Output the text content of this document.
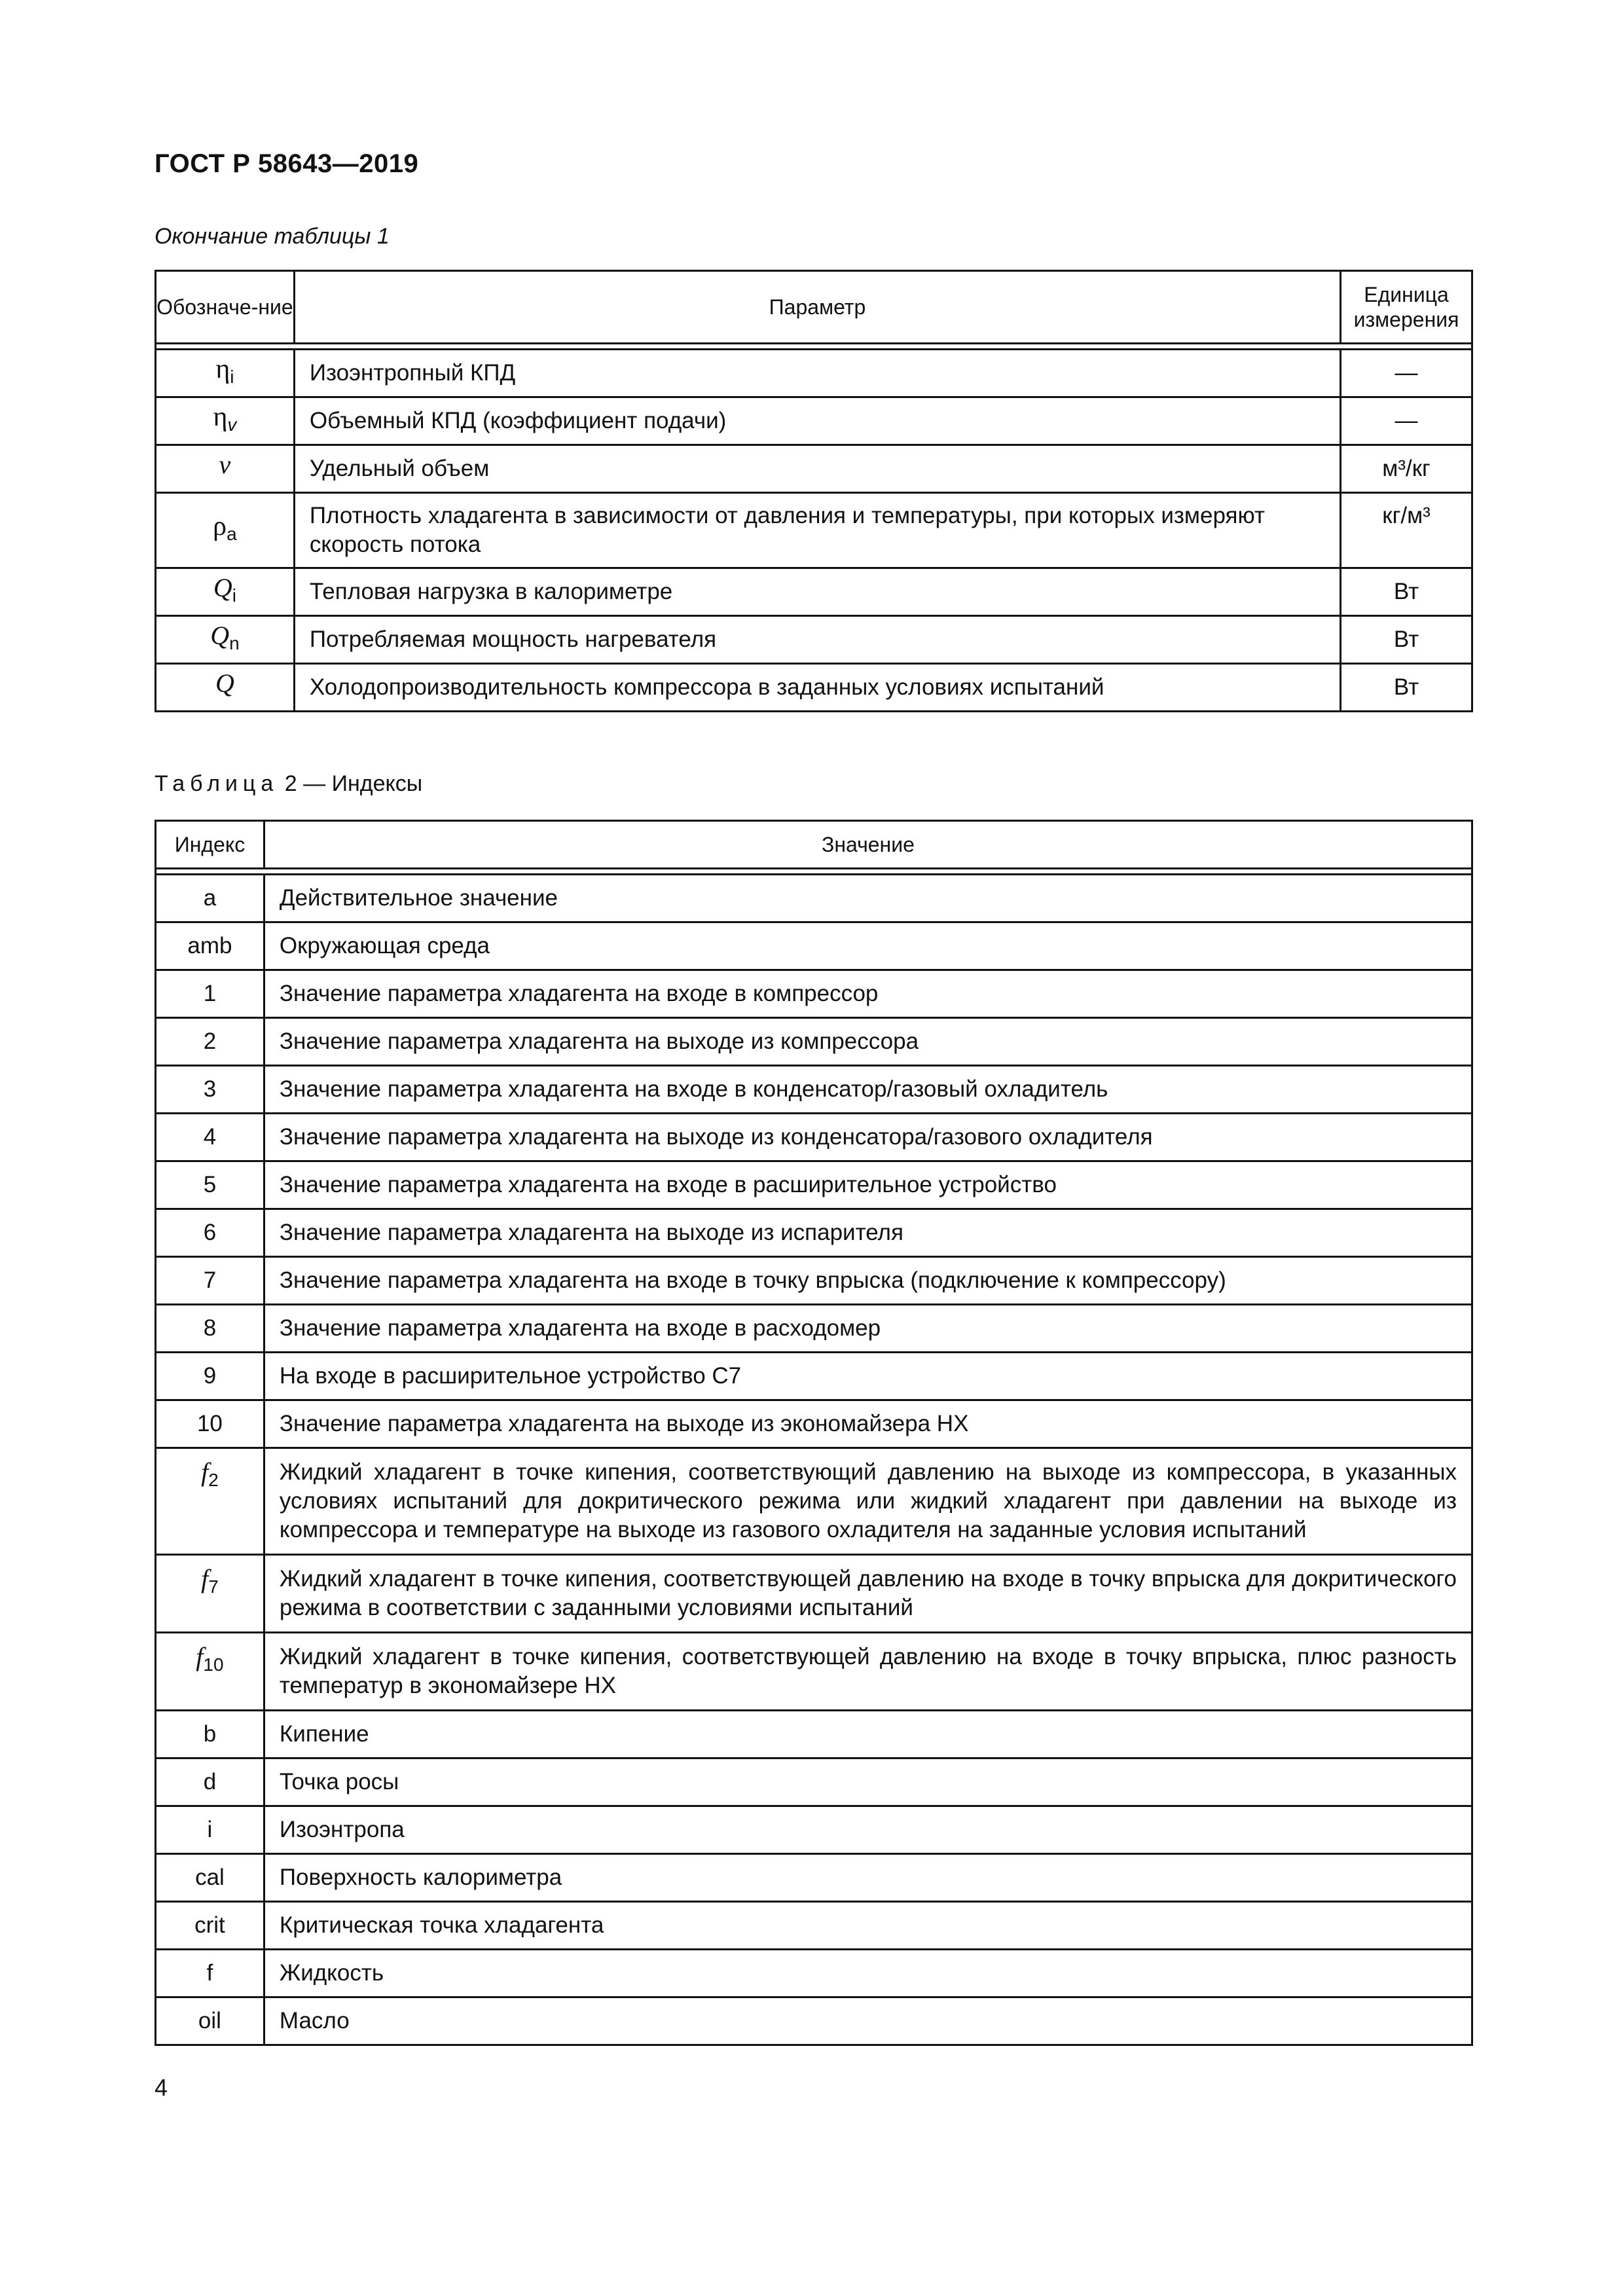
ГОСТ Р 58643—2019
Окончание таблицы 1
Обозначе-ние	Параметр	Единица измерения

$\eta_i$	Изоэнтропный КПД	—
$\eta_v$	Объемный КПД (коэффициент подачи)	—
v	Удельный объем	м³/кг
$\rho_a$	Плотность хладагента в зависимости от давления и температуры, при которых измеряют скорость потока	кг/м³
$Q_i$	Тепловая нагрузка в калориметре	Вт
$Q_n$	Потребляемая мощность нагревателя	Вт
Q	Холодопроизводительность компрессора в заданных условиях испытаний	Вт
Таблица 2 — Индексы
Индекс	Значение

a	Действительное значение
amb	Окружающая среда
1	Значение параметра хладагента на входе в компрессор
2	Значение параметра хладагента на выходе из компрессора
3	Значение параметра хладагента на входе в конденсатор/газовый охладитель
4	Значение параметра хладагента на выходе из конденсатора/газового охладителя
5	Значение параметра хладагента на входе в расширительное устройство
6	Значение параметра хладагента на выходе из испарителя
7	Значение параметра хладагента на входе в точку впрыска (подключение к компрессору)
8	Значение параметра хладагента на входе в расходомер
9	На входе в расширительное устройство С7
10	Значение параметра хладагента на выходе из экономайзера НХ
$f_2$	Жидкий хладагент в точке кипения, соответствующий давлению на выходе из компрессора, в указанных условиях испытаний для докритического режима или жидкий хладагент при давлении на выходе из компрессора и температуре на выходе из газового охладителя на заданные условия испытаний
$f_7$	Жидкий хладагент в точке кипения, соответствующей давлению на входе в точку впрыска для докритического режима в соответствии с заданными условиями испытаний
$f_{10}$	Жидкий хладагент в точке кипения, соответствующей давлению на входе в точку впрыска, плюс разность температур в экономайзере НХ
b	Кипение
d	Точка росы
i	Изоэнтропа
cal	Поверхность калориметра
crit	Критическая точка хладагента
f	Жидкость
oil	Масло
4
